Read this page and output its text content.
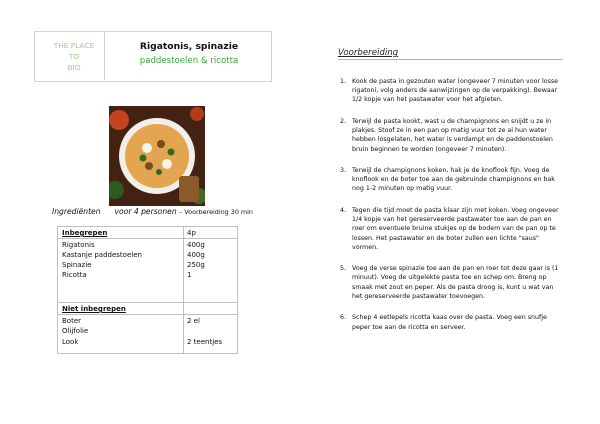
THE PLACE
TO
BIO
Rigatonis, spinazie
paddestoelen & ricotta
Ingrediënten voor 4 personen – Voorbereiding 30 min
Inbegrepen	4p
Rigatonis	400g
Kastanje paddestoelen	400g
Spinazie	250g
Ricotta	1
Niet inbegrepen
Boter	2 el
Olijfolie
Look	2 teentjes
Voorbereiding
1. Kook de pasta in gezouten water (ongeveer 7 minuten voor losse rigatoni, volg anders de aanwijzingen op de verpakking). Bewaar 1/2 kopje van het pastawater voor het afgieten.
2. Terwijl de pasta kookt, wast u de champignons en snijdt u ze in plakjes. Stoof ze in een pan op matig vuur tot ze al hun water hebben losgelaten, het water is verdampt en de paddenstoelen bruin beginnen te worden (ongeveer 7 minuten).
3. Terwijl de champignons koken, hak je de knoflook fijn. Voeg de knoflook en de boter toe aan de gebruinde champignons en bak nog 1-2 minuten op matig vuur.
4. Tegen die tijd moet de pasta klaar zijn met koken. Voeg ongeveer 1/4 kopje van het gereserveerde pastawater toe aan de pan en roer om eventuele bruine stukjes op de bodem van de pan op te lossen. Het pastawater en de boter zullen een lichte "saus" vormen.
5. Voeg de verse spinazie toe aan de pan en roer tot deze gaar is (1 minuut). Voeg de uitgelekte pasta toe en schep om. Breng op smaak met zout en peper. Als de pasta droog is, kunt u wat van het gereserveerde pastawater toevoegen.
6. Schep 4 eetlepels ricotta kaas over de pasta. Voeg een snufje peper toe aan de ricotta en serveer.
